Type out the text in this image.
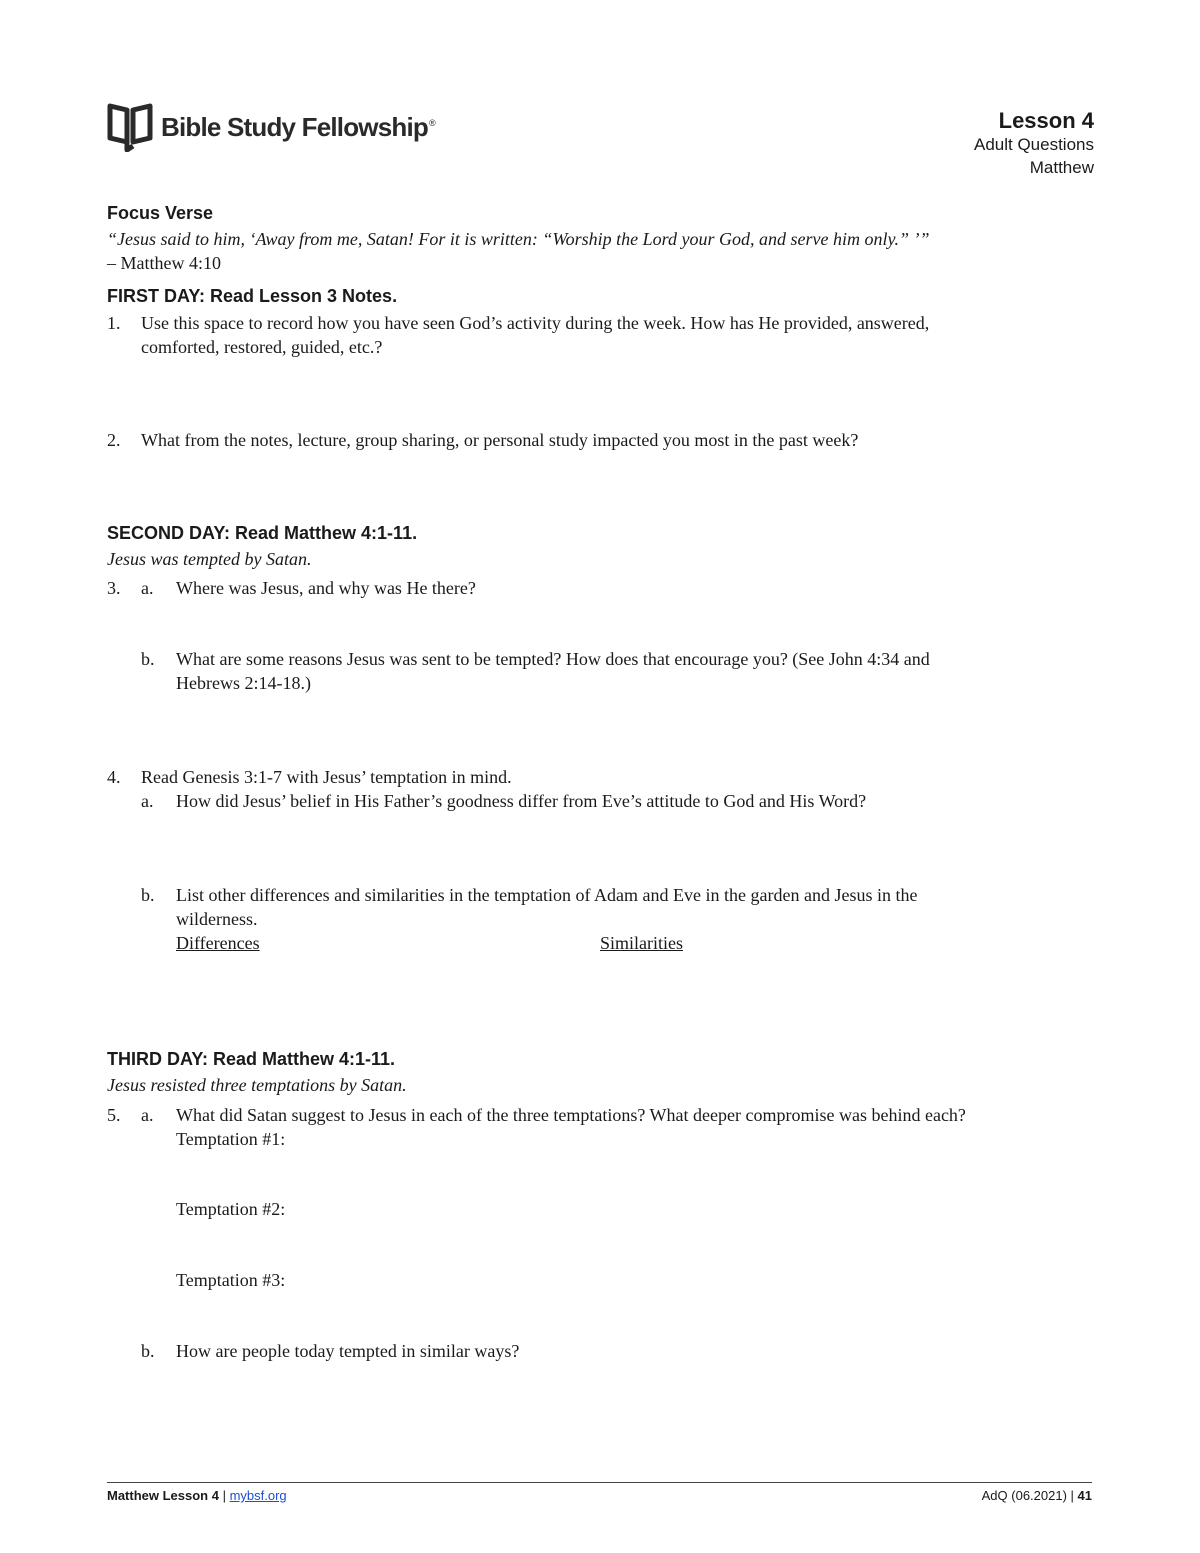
Bible Study Fellowship®	Lesson 4
Adult Questions
Matthew
Focus Verse
“Jesus said to him, ‘Away from me, Satan! For it is written: “Worship the Lord your God, and serve him only.” ’”
– Matthew 4:10
FIRST DAY: Read Lesson 3 Notes.
1. Use this space to record how you have seen God’s activity during the week. How has He provided, answered,
comforted, restored, guided, etc.?
2. What from the notes, lecture, group sharing, or personal study impacted you most in the past week?
SECOND DAY: Read Matthew 4:1-11.
Jesus was tempted by Satan.
3. a. Where was Jesus, and why was He there?
b. What are some reasons Jesus was sent to be tempted? How does that encourage you? (See John 4:34 and
Hebrews 2:14-18.)
4. Read Genesis 3:1-7 with Jesus’ temptation in mind.
a. How did Jesus’ belief in His Father’s goodness differ from Eve’s attitude to God and His Word?
b. List other differences and similarities in the temptation of Adam and Eve in the garden and Jesus in the
wilderness.
Differences	Similarities
THIRD DAY: Read Matthew 4:1-11.
Jesus resisted three temptations by Satan.
5. a. What did Satan suggest to Jesus in each of the three temptations? What deeper compromise was behind each?
Temptation #1:
Temptation #2:
Temptation #3:
b. How are people today tempted in similar ways?
Matthew Lesson 4 | mybsf.org	AdQ (06.2021) | 41
